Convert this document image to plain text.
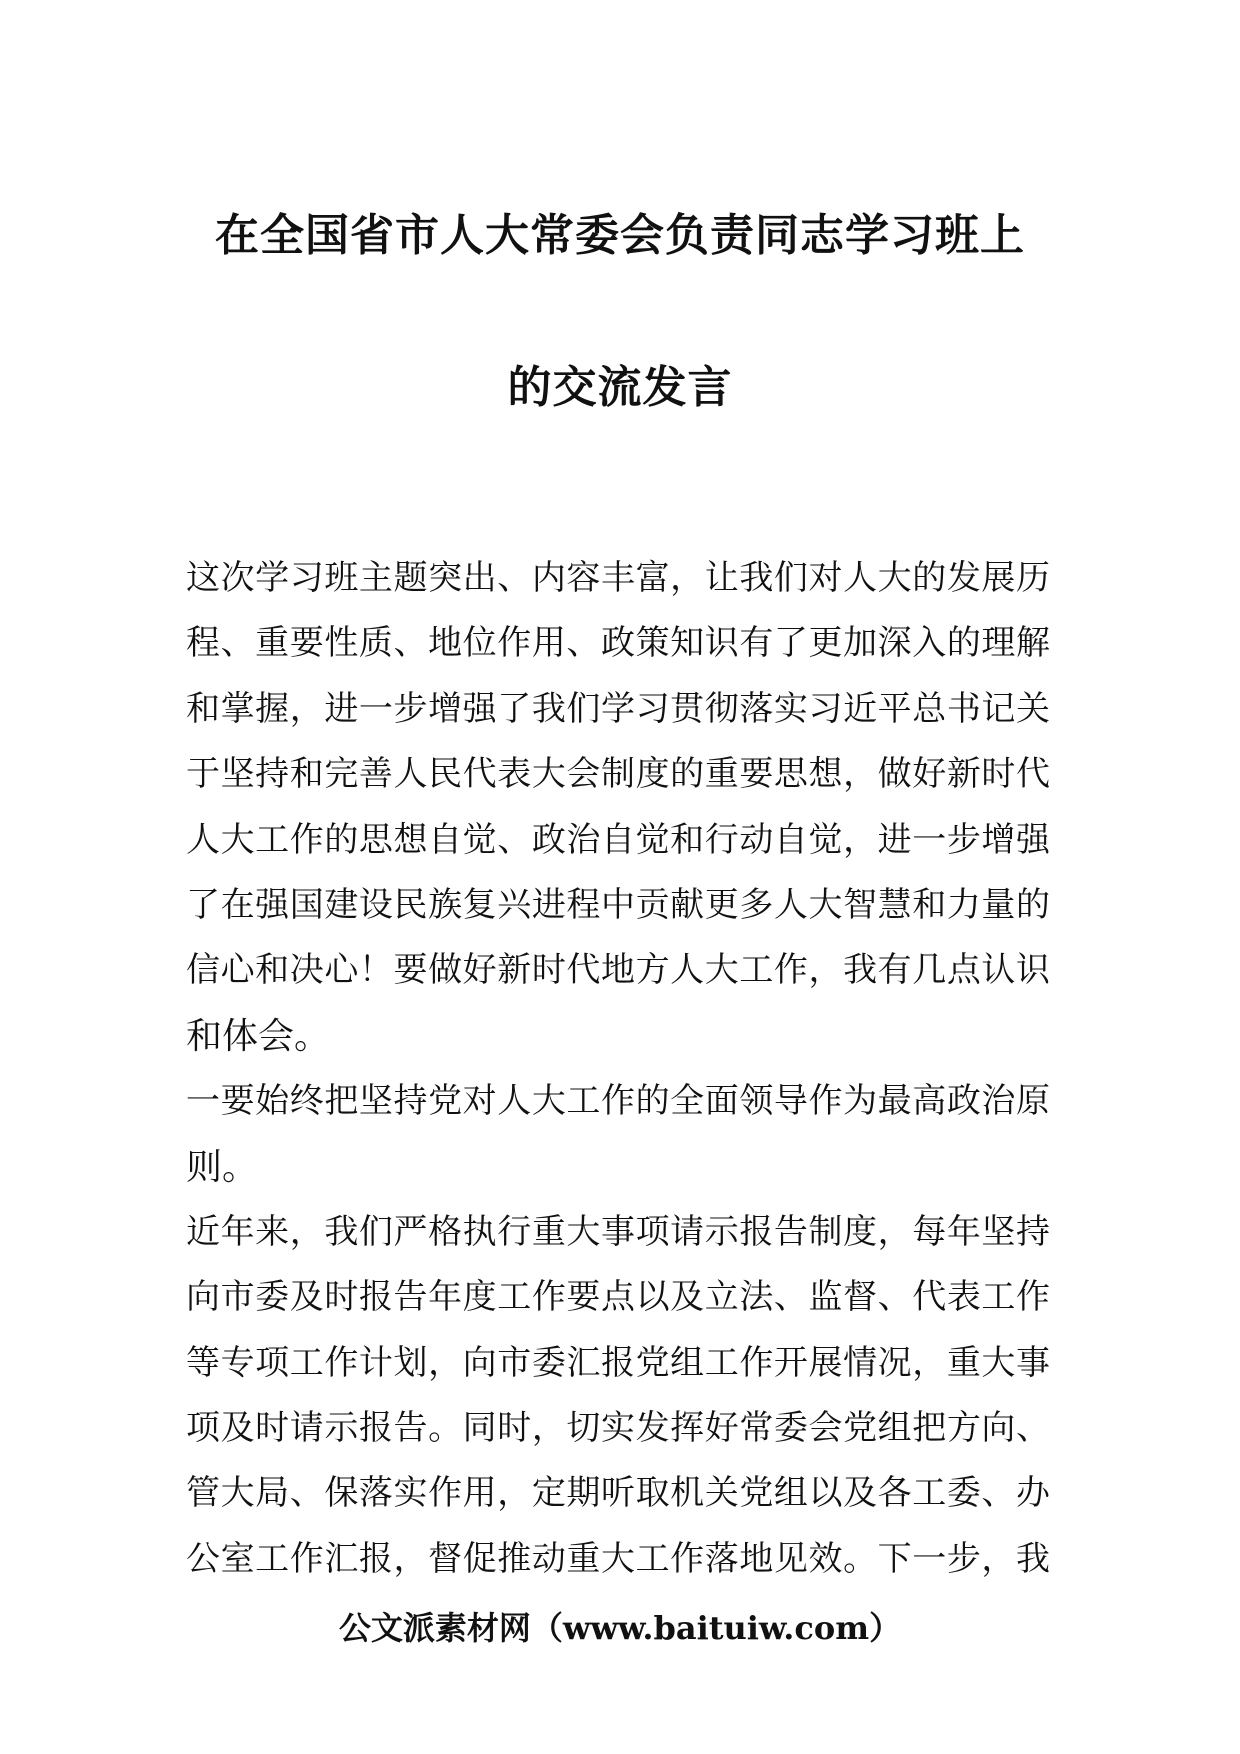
在全国省市人大常委会负责同志学习班上
的交流发言
这次学习班主题突出、内容丰富，让我们对人大的发展历
程、重要性质、地位作用、政策知识有了更加深入的理解
和掌握，进一步增强了我们学习贯彻落实习近平总书记关
于坚持和完善人民代表大会制度的重要思想，做好新时代
人大工作的思想自觉、政治自觉和行动自觉，进一步增强
了在强国建设民族复兴进程中贡献更多人大智慧和力量的
信心和决心！要做好新时代地方人大工作，我有几点认识
和体会。
一要始终把坚持党对人大工作的全面领导作为最高政治原
则。
近年来，我们严格执行重大事项请示报告制度，每年坚持
向市委及时报告年度工作要点以及立法、监督、代表工作
等专项工作计划，向市委汇报党组工作开展情况，重大事
项及时请示报告。同时，切实发挥好常委会党组把方向、
管大局、保落实作用，定期听取机关党组以及各工委、办
公室工作汇报，督促推动重大工作落地见效。下一步，我
公文派素材网（www.baituiw.com）
